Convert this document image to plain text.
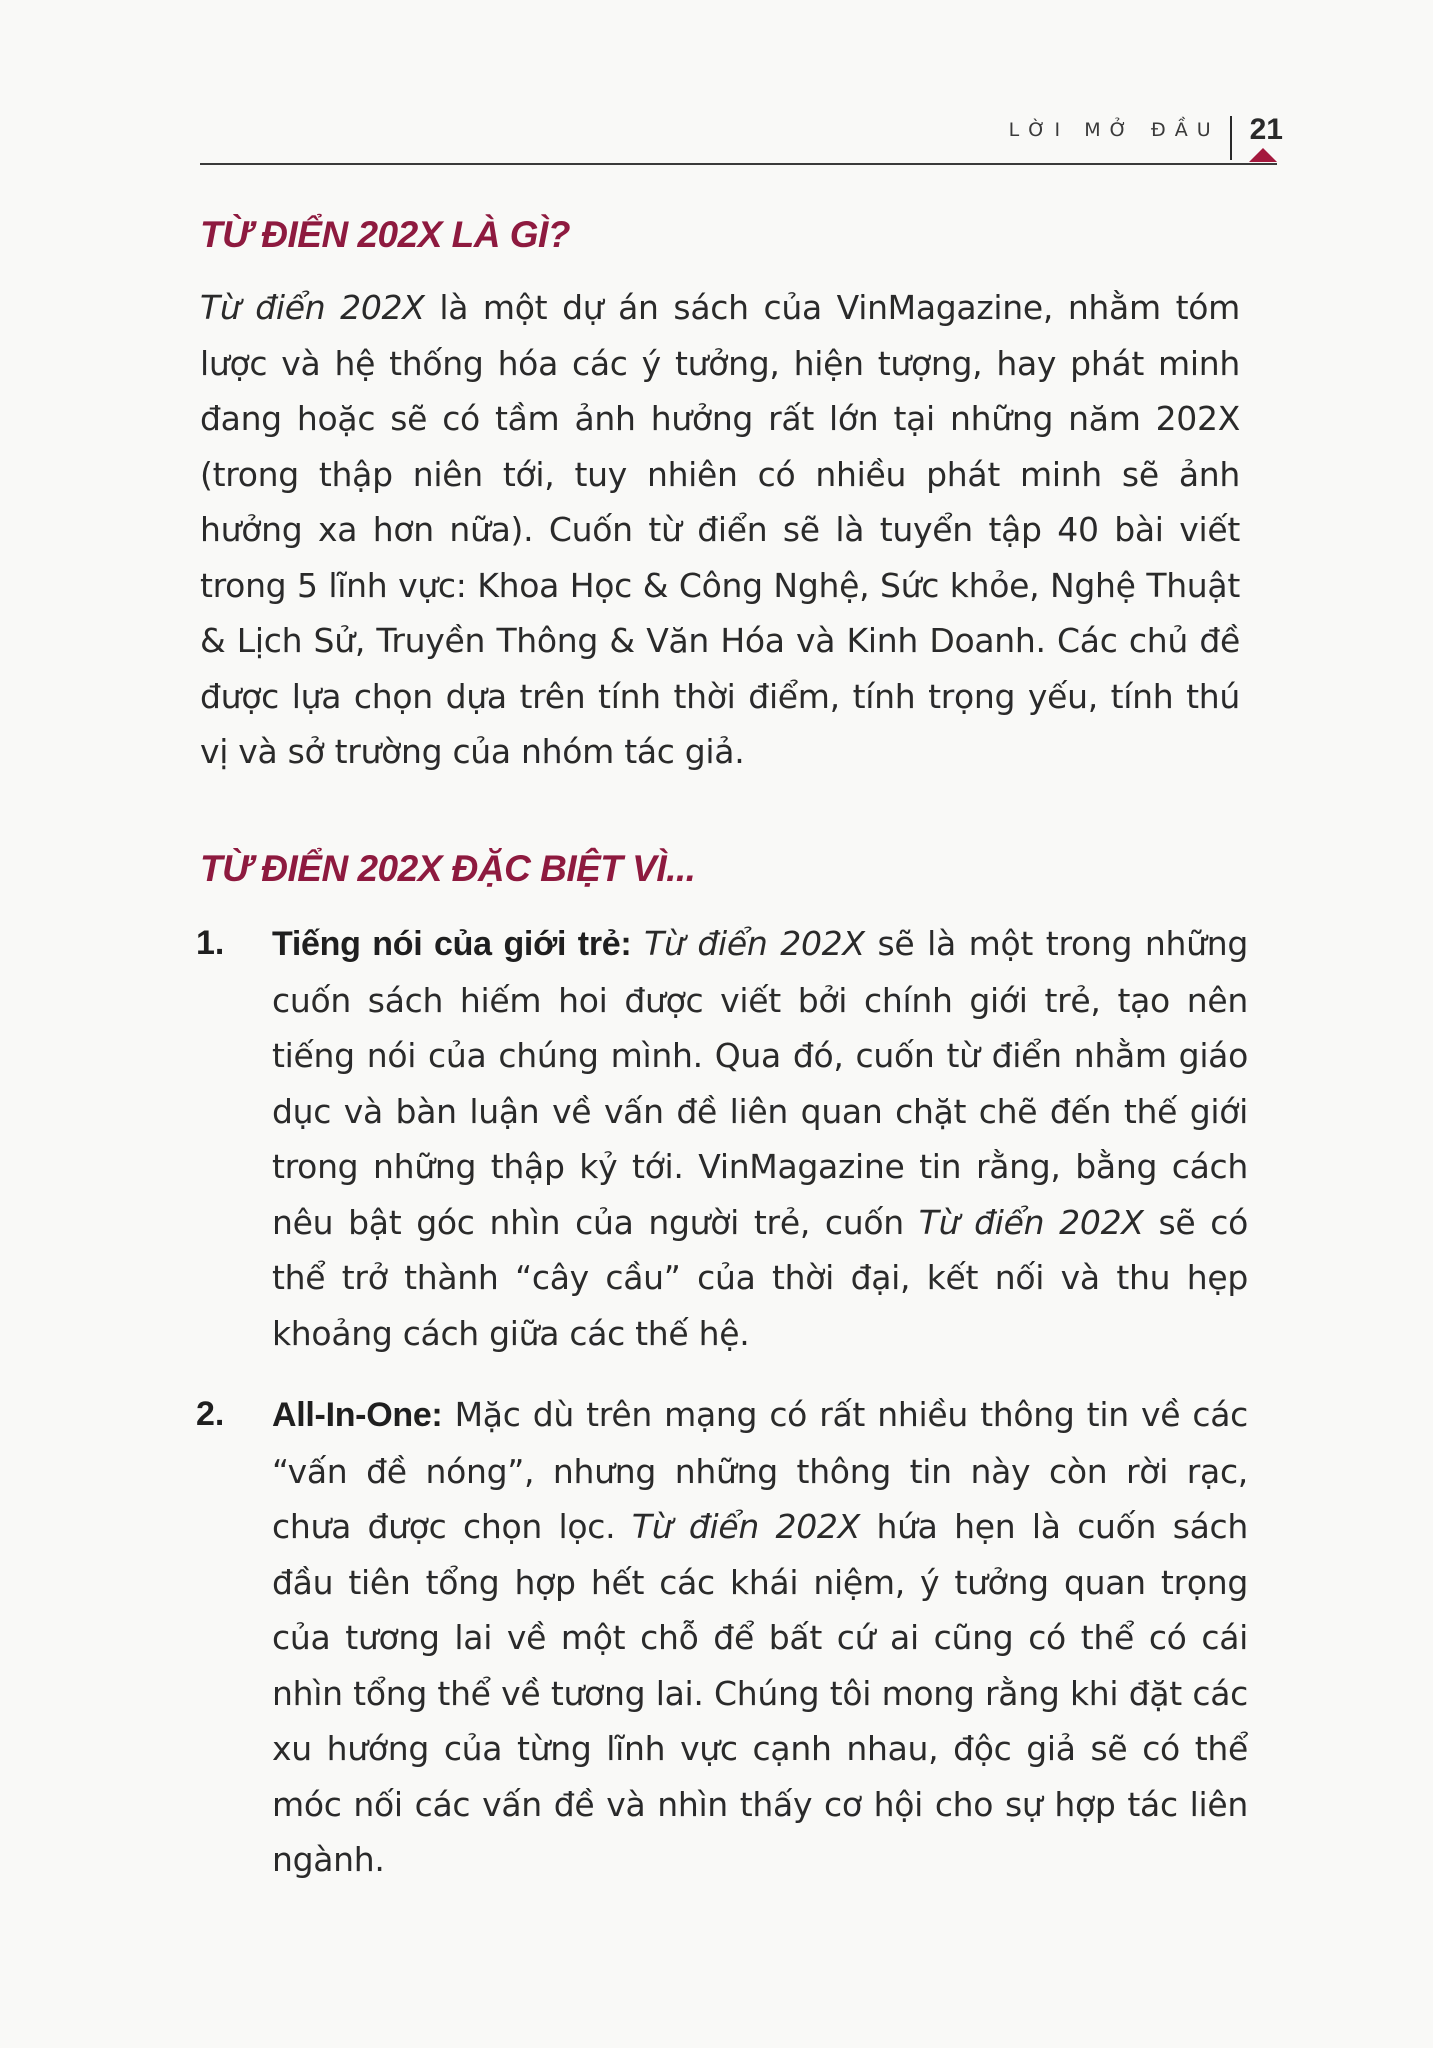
LỜI MỞ ĐẦU 21
TỪ ĐIỂN 202X LÀ GÌ?

Từ điển 202X là một dự án sách của VinMagazine, nhằm tóm lược và hệ thống hóa các ý tưởng, hiện tượng, hay phát minh đang hoặc sẽ có tầm ảnh hưởng rất lớn tại những năm 202X (trong thập niên tới, tuy nhiên có nhiều phát minh sẽ ảnh hưởng xa hơn nữa). Cuốn từ điển sẽ là tuyển tập 40 bài viết trong 5 lĩnh vực: Khoa Học & Công Nghệ, Sức khỏe, Nghệ Thuật & Lịch Sử, Truyền Thông & Văn Hóa và Kinh Doanh. Các chủ đề được lựa chọn dựa trên tính thời điểm, tính trọng yếu, tính thú vị và sở trường của nhóm tác giả.

TỪ ĐIỂN 202X ĐẶC BIỆT VÌ...
1.	Tiếng nói của giới trẻ: Từ điển 202X sẽ là một trong những cuốn sách hiếm hoi được viết bởi chính giới trẻ, tạo nên tiếng nói của chúng mình. Qua đó, cuốn từ điển nhằm giáo dục và bàn luận về vấn đề liên quan chặt chẽ đến thế giới trong những thập kỷ tới. VinMagazine tin rằng, bằng cách nêu bật góc nhìn của người trẻ, cuốn Từ điển 202X sẽ có thể trở thành “cây cầu” của thời đại, kết nối và thu hẹp khoảng cách giữa các thế hệ.

2.	All-In-One: Mặc dù trên mạng có rất nhiều thông tin về các “vấn đề nóng”, nhưng những thông tin này còn rời rạc, chưa được chọn lọc. Từ điển 202X hứa hẹn là cuốn sách đầu tiên tổng hợp hết các khái niệm, ý tưởng quan trọng của tương lai về một chỗ để bất cứ ai cũng có thể có cái nhìn tổng thể về tương lai. Chúng tôi mong rằng khi đặt các xu hướng của từng lĩnh vực cạnh nhau, độc giả sẽ có thể móc nối các vấn đề và nhìn thấy cơ hội cho sự hợp tác liên ngành.
